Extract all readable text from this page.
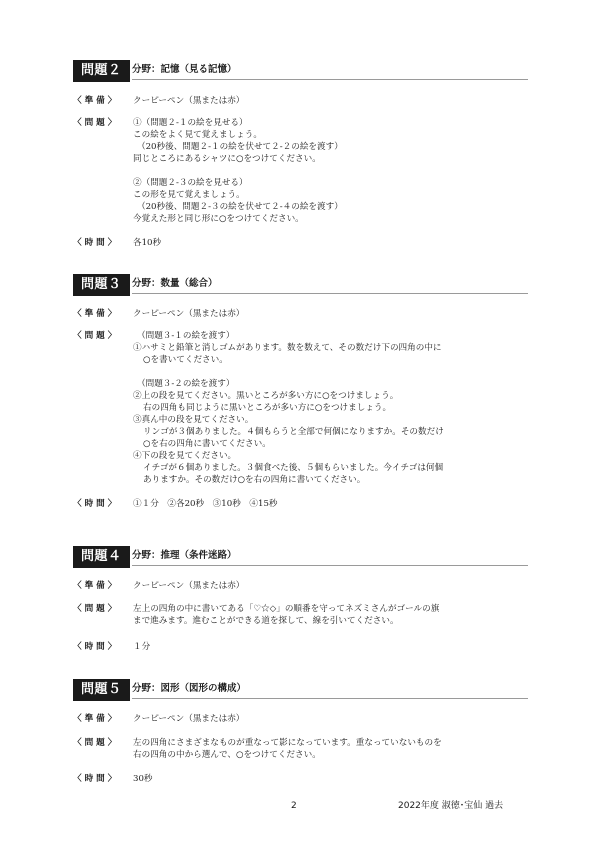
問題２	分野：記憶（見る記憶）
〈 準 備 〉	クーピーペン（黒または赤）
〈 問 題 〉	①（問題２-１の絵を見せる）
この絵をよく見て覚えましょう。
（20秒後、問題２-１の絵を伏せて２-２の絵を渡す）
同じところにあるシャツに○をつけてください。
②（問題２-３の絵を見せる）
この形を見て覚えましょう。
（20秒後、問題２-３の絵を伏せて２-４の絵を渡す）
今覚えた形と同じ形に○をつけてください。
〈 時 間 〉	各10秒
問題３	分野：数量（総合）
〈 準 備 〉	クーピーペン（黒または赤）
〈 問 題 〉	（問題３-１の絵を渡す）
①ハサミと鉛筆と消しゴムがあります。数を数えて、その数だけ下の四角の中に
○を書いてください。
（問題３-２の絵を渡す）
②上の段を見てください。黒いところが多い方に○をつけましょう。
右の四角も同じように黒いところが多い方に○をつけましょう。
③真ん中の段を見てください。
リンゴが３個ありました。４個もらうと全部で何個になりますか。その数だけ
○を右の四角に書いてください。
④下の段を見てください。
イチゴが６個ありました。３個食べた後、５個もらいました。今イチゴは何個
ありますか。その数だけ○を右の四角に書いてください。
〈 時 間 〉	①１分　②各20秒　③10秒　④15秒
問題４	分野：推理（条件迷路）
〈 準 備 〉	クーピーペン（黒または赤）
〈 問 題 〉	左上の四角の中に書いてある「♡☆◇」の順番を守ってネズミさんがゴールの旗
まで進みます。進むことができる道を探して、線を引いてください。
〈 時 間 〉	１分
問題５	分野：図形（図形の構成）
〈 準 備 〉	クーピーペン（黒または赤）
〈 問 題 〉	左の四角にさまざまなものが重なって影になっています。重なっていないものを
右の四角の中から選んで、○をつけてください。
〈 時 間 〉	30秒
2	2022年度 淑徳･宝仙 過去
